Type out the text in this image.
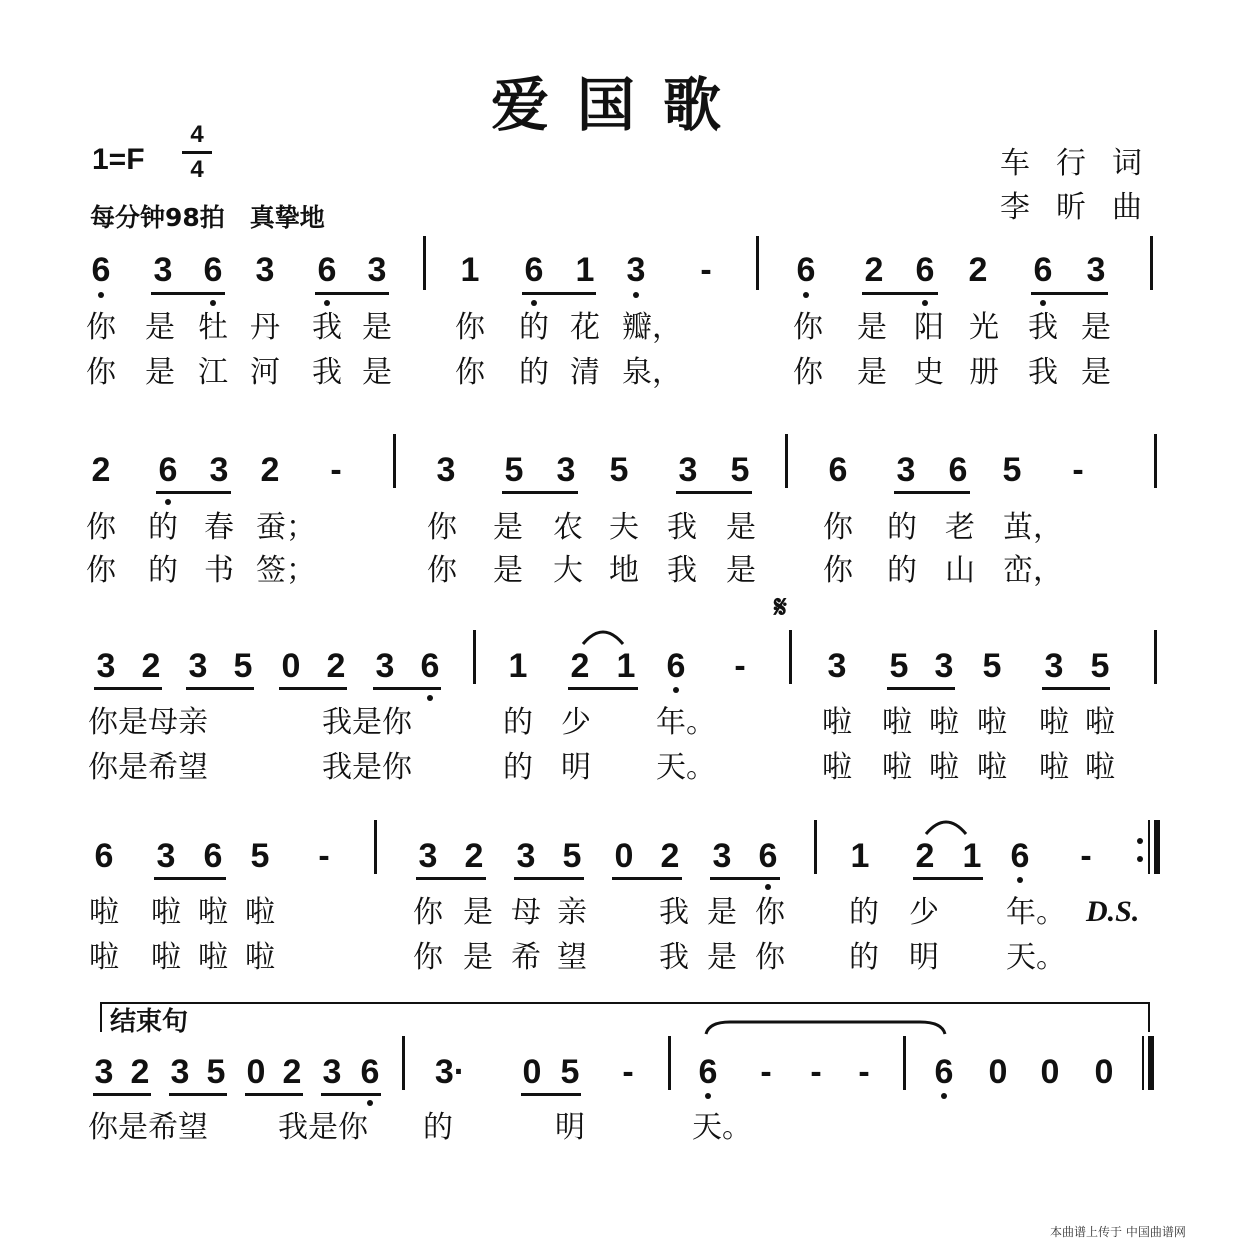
爱国歌
1=F
4
4
每分钟98拍　真挚地
车行词
李昕曲
6 3 6 3 6 3 1 6 1 3 - 6 2 6 2 6 3
你 是 牡 丹 我 是 你 的 花 瓣，	你 是 阳 光 我 是
你 是 江 河 我 是 你 的 清 泉，	你 是 史 册 我 是
2 6 3 2 -	3 5 3 5 3 5 6 3 6 5 -
你 的 春 蚕；	你 是 农 夫 我 是 你 的 老 茧，
你 的 书 签；	你 是 大 地 我 是 你 的 山 峦，
𝄋
3 2 3 5 0 2 3 6 1 2 1 6 - 3 5 3 5 3 5
你是母亲	我是你	的 少 年。	啦 啦 啦 啦 啦 啦
你是希望	我是你	的 明 天。	啦 啦 啦 啦 啦 啦
6 3 6 5 -	3 2 3 5 0 2 3 6 1 2 1 6 -
啦 啦 啦 啦	你 是 母 亲 我 是 你 的 少 年。 D.S.
啦 啦 啦 啦	你 是 希 望 我 是 你 的 明 天。
结束句
3 2 3 5 0 2 3 6 3· 0 5 - 6 - - - 6 0 0 0
你是希望 我是你 的	明	天。
本曲谱上传于 中国曲谱网
